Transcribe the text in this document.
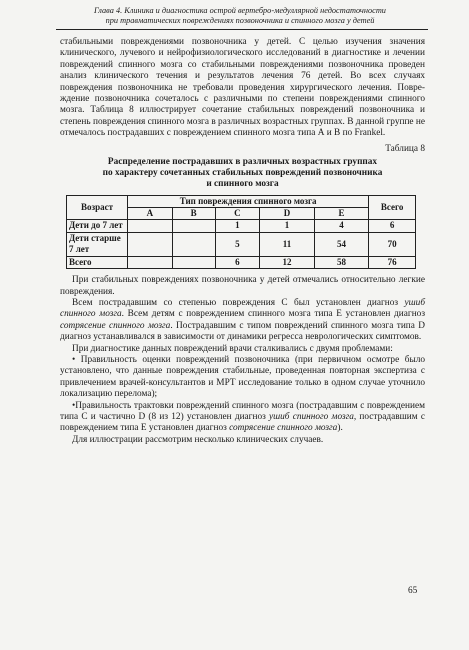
Глава 4. Клиника и диагностика острой вертебро-медуллярной недостаточности
при травматических повреждениях позвоночника и спинного мозга у детей

стабильными повреждениями позвоночника у детей. С целью изучения значения клинического, лучевого и нейрофизиологического исследований в диагностике и лечении повреждений спинного мозга со стабильными повреждениями позвоночника проведен анализ клинического течения и результатов лечения 76 детей. Во всех случаях повреждения позвоночника не требовали проведения хирургического лечения. Повреждение позвоночника сочеталось с различными по степени повреждениями спинного мозга. Таблица 8 иллюстрирует сочетание стабильных повреждений позвоночника и степень повреждения спинного мозга в различных возрастных группах. В данной группе не отмечалось пострадавших с повреждением спинного мозга типа А и В по Frankel.

Таблица 8
Распределение пострадавших в различных возрастных группах
по характеру сочетанных стабильных повреждений позвоночника
и спинного мозга
Возраст	Тип повреждения спинного мозга					Всего
	A	B	C	D	E	
Дети до 7 лет			1	1	4	6
Дети старше 7 лет			5	11	54	70
Всего			6	12	58	76

При стабильных повреждениях позвоночника у детей отмечались относительно легкие повреждения.

Всем пострадавшим со степенью повреждения С был установлен диагноз ушиб спинного мозга. Всем детям с повреждением спинного мозга типа Е установлен диагноз сотрясение спинного мозга. Пострадавшим с типом повреждений спинного мозга типа D диагноз устанавливался в зависимости от динамики регресса неврологических симптомов.

При диагностике данных повреждений врачи сталкивались с двумя проблемами:

• Правильность оценки повреждений позвоночника (при первичном осмотре было установлено, что данные повреждения стабильные, проведенная повторная экспертиза с привлечением врачей-консультантов и МРТ исследование только в одном случае уточнило локализацию перелома);

•Правильность трактовки повреждений спинного мозга (пострадавшим с повреждением типа С и частично D (8 из 12) установлен диагноз ушиб спинного мозга, пострадавшим с повреждением типа Е установлен диагноз сотрясение спинного мозга).

Для иллюстрации рассмотрим несколько клинических случаев.

65
